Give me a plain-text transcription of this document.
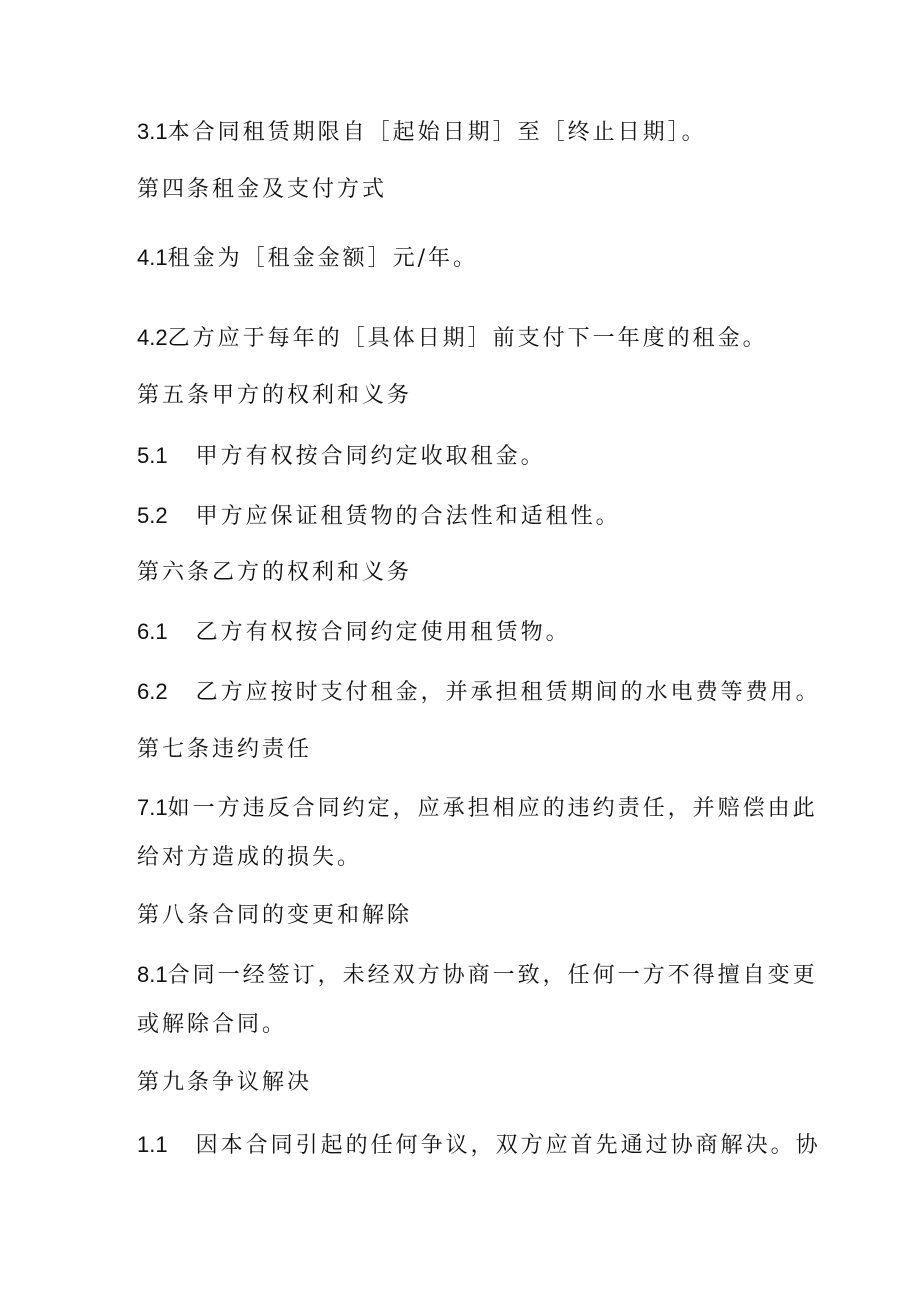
3.1本合同租赁期限自［起始日期］至［终止日期］。
第四条租金及支付方式
4.1租金为［租金金额］元/年。
4.2乙方应于每年的［具体日期］前支付下一年度的租金。
第五条甲方的权利和义务
5.1 甲方有权按合同约定收取租金。
5.2 甲方应保证租赁物的合法性和适租性。
第六条乙方的权利和义务
6.1 乙方有权按合同约定使用租赁物。
6.2 乙方应按时支付租金，并承担租赁期间的水电费等费用。
第七条违约责任
7.1如一方违反合同约定，应承担相应的违约责任，并赔偿由此
给对方造成的损失。
第八条合同的变更和解除
8.1合同一经签订，未经双方协商一致，任何一方不得擅自变更
或解除合同。
第九条争议解决
1.1 因本合同引起的任何争议，双方应首先通过协商解决。协
